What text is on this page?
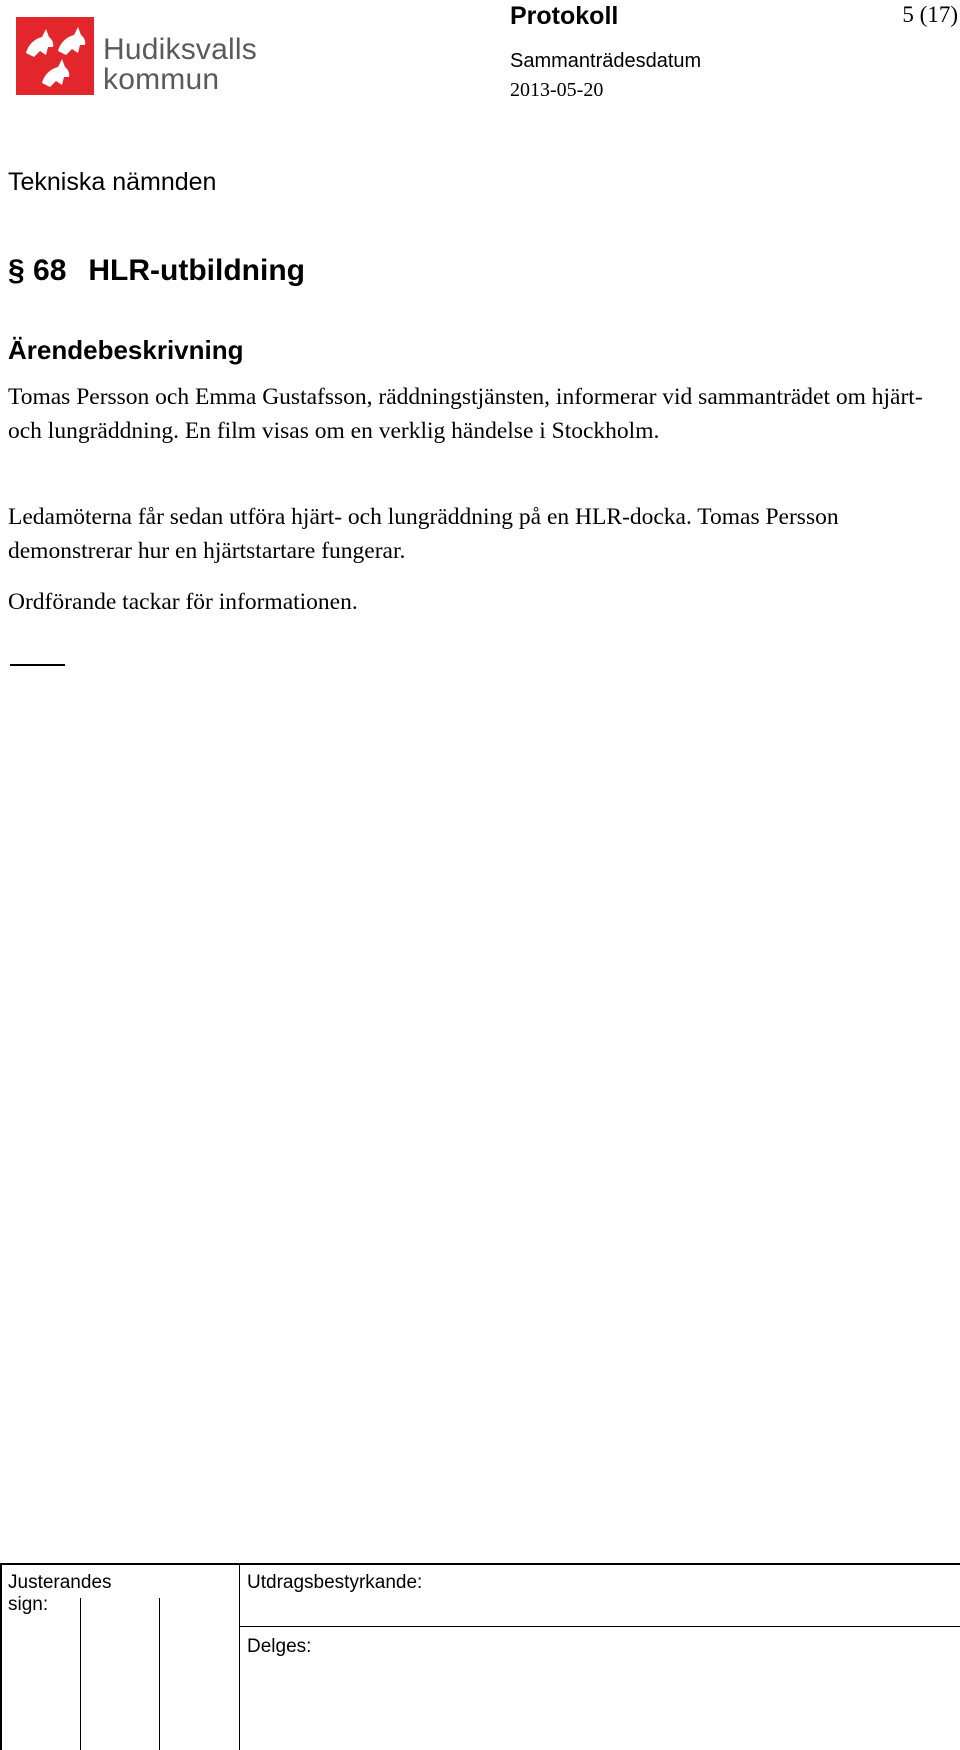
Hudiksvalls
kommun
Protokoll	5 (17)
Sammanträdesdatum
2013-05-20
Tekniska nämnden
§ 68 HLR-utbildning
Ärendebeskrivning

Tomas Persson och Emma Gustafsson, räddningstjänsten, informerar vid sammanträdet om hjärt- och lungräddning. En film visas om en verklig händelse i Stockholm.

Ledamöterna får sedan utföra hjärt- och lungräddning på en HLR-docka. Tomas Persson demonstrerar hur en hjärtstartare fungerar.

Ordförande tackar för informationen.

Justerandes sign:
Utdragsbestyrkande:
Delges:
